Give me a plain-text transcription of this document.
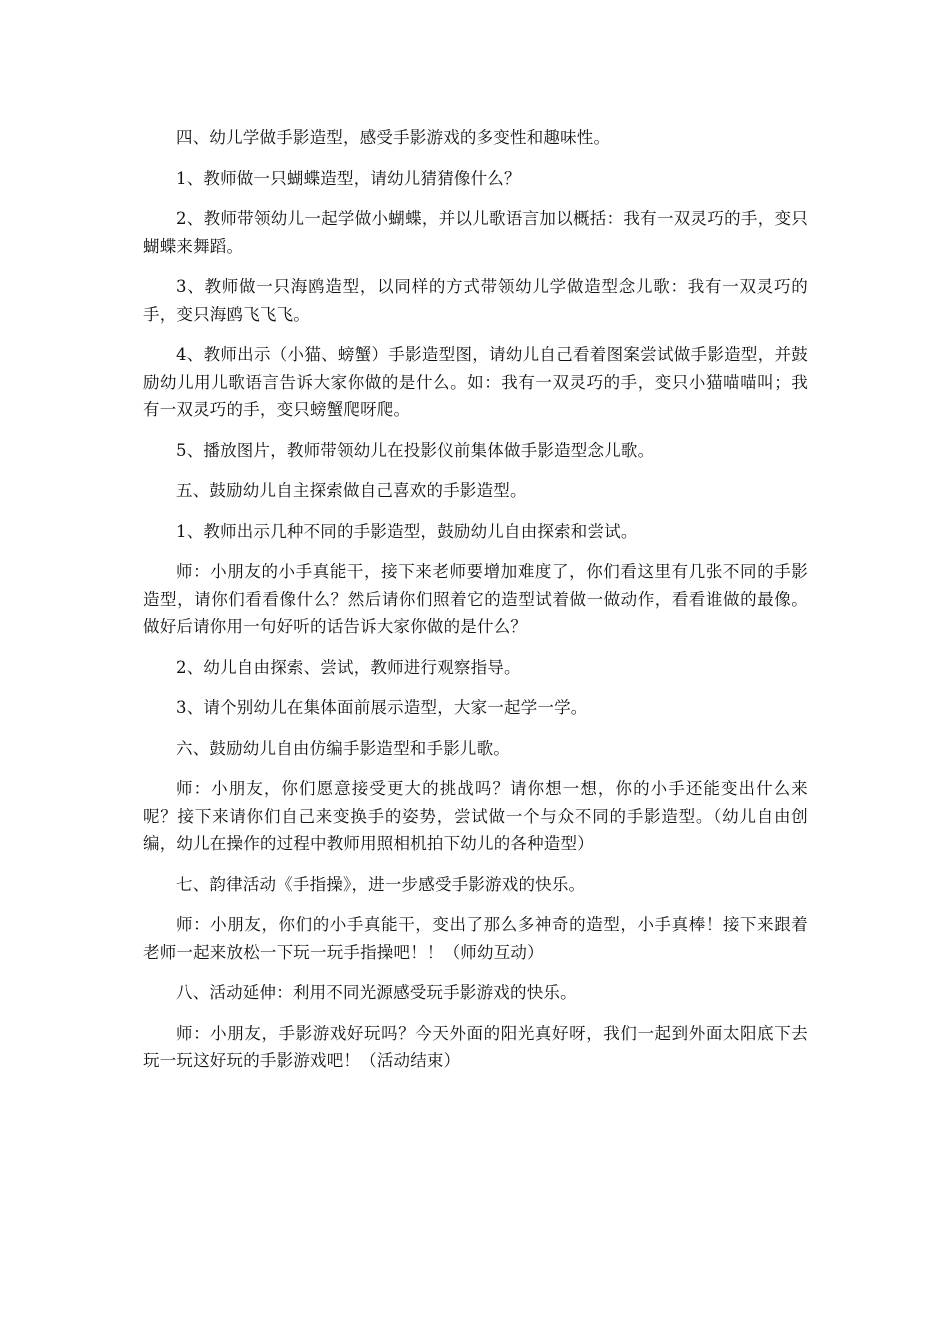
四、幼儿学做手影造型，感受手影游戏的多变性和趣味性。

1、教师做一只蝴蝶造型，请幼儿猜猜像什么？

2、教师带领幼儿一起学做小蝴蝶，并以儿歌语言加以概括：我有一双灵巧的手，变只蝴蝶来舞蹈。

3、教师做一只海鸥造型，以同样的方式带领幼儿学做造型念儿歌：我有一双灵巧的手，变只海鸥飞飞飞。

4、教师出示（小猫、螃蟹）手影造型图，请幼儿自己看着图案尝试做手影造型，并鼓励幼儿用儿歌语言告诉大家你做的是什么。如：我有一双灵巧的手，变只小猫喵喵叫；我有一双灵巧的手，变只螃蟹爬呀爬。

5、播放图片，教师带领幼儿在投影仪前集体做手影造型念儿歌。

五、鼓励幼儿自主探索做自己喜欢的手影造型。

1、教师出示几种不同的手影造型，鼓励幼儿自由探索和尝试。

师：小朋友的小手真能干，接下来老师要增加难度了，你们看这里有几张不同的手影造型，请你们看看像什么？然后请你们照着它的造型试着做一做动作，看看谁做的最像。做好后请你用一句好听的话告诉大家你做的是什么？

2、幼儿自由探索、尝试，教师进行观察指导。

3、请个别幼儿在集体面前展示造型，大家一起学一学。

六、鼓励幼儿自由仿编手影造型和手影儿歌。

师：小朋友，你们愿意接受更大的挑战吗？请你想一想，你的小手还能变出什么来呢？接下来请你们自己来变换手的姿势，尝试做一个与众不同的手影造型。（幼儿自由创编，幼儿在操作的过程中教师用照相机拍下幼儿的各种造型）

七、韵律活动《手指操》，进一步感受手影游戏的快乐。

师：小朋友，你们的小手真能干，变出了那么多神奇的造型，小手真棒！接下来跟着老师一起来放松一下玩一玩手指操吧！！（师幼互动）

八、活动延伸：利用不同光源感受玩手影游戏的快乐。

师：小朋友，手影游戏好玩吗？今天外面的阳光真好呀，我们一起到外面太阳底下去玩一玩这好玩的手影游戏吧！（活动结束）
